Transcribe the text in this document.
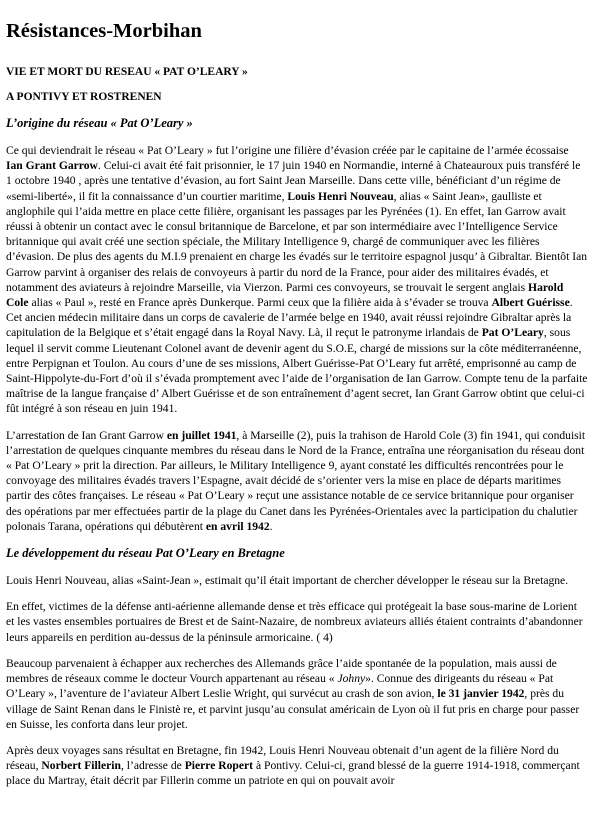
Résistances-Morbihan
VIE ET MORT DU RESEAU « PAT O’LEARY »
A PONTIVY ET ROSTRENEN
L’origine du réseau « Pat O’Leary »

Ce qui deviendrait le réseau « Pat O’Leary » fut l’origine une filière d’évasion créée par le capitaine de l’armée écossaise Ian Grant Garrow. Celui-ci avait été fait prisonnier, le 17 juin 1940 en Normandie, interné à Chateauroux puis transféré le 1 octobre 1940 , après une tentative d’évasion, au fort Saint Jean Marseille. Dans cette ville, bénéficiant d’un régime de «semi-liberté», il fit la connaissance d’un courtier maritime, Louis Henri Nouveau, alias « Saint Jean», gaulliste et anglophile qui l’aida mettre en place cette filière, organisant les passages par les Pyrénées (1). En effet, Ian Garrow avait réussi à obtenir un contact avec le consul britannique de Barcelone, et par son intermédiaire avec l’Intelligence Service britannique qui avait créé une section spéciale, the Military Intelligence 9, chargé de communiquer avec les filières d’évasion. De plus des agents du M.I.9 prenaient en charge les évadés sur le territoire espagnol jusqu’ à Gibraltar. Bientôt Ian Garrow parvint à organiser des relais de convoyeurs à partir du nord de la France, pour aider des militaires évadés, et notamment des aviateurs à rejoindre Marseille, via Vierzon. Parmi ces convoyeurs, se trouvait le sergent anglais Harold Cole alias « Paul », resté en France après Dunkerque. Parmi ceux que la filière aida à s’évader se trouva Albert Guérisse. Cet ancien médecin militaire dans un corps de cavalerie de l’armée belge en 1940, avait réussi rejoindre Gibraltar après la capitulation de la Belgique et s’était engagé dans la Royal Navy. Là, il reçut le patronyme irlandais de Pat O’Leary, sous lequel il servit comme Lieutenant Colonel avant de devenir agent du S.O.E, chargé de missions sur la côte méditerranéenne, entre Perpignan et Toulon. Au cours d’une de ses missions, Albert Guérisse-Pat O’Leary fut arrêté, emprisonné au camp de Saint-Hippolyte-du-Fort d’où il s’évada promptement avec l’aide de l’organisation de Ian Garrow. Compte tenu de la parfaite maîtrise de la langue française d’ Albert Guérisse et de son entraînement d’agent secret, Ian Grant Garrow obtint que celui-ci fût intégré à son réseau en juin 1941.

L’arrestation de Ian Grant Garrow en juillet 1941, à Marseille (2), puis la trahison de Harold Cole (3) fin 1941, qui conduisit l’arrestation de quelques cinquante membres du réseau dans le Nord de la France, entraîna une réorganisation du réseau dont « Pat O’Leary » prit la direction. Par ailleurs, le Military Intelligence 9, ayant constaté les difficultés rencontrées pour le convoyage des militaires évadés travers l’Espagne, avait décidé de s’orienter vers la mise en place de départs maritimes partir des côtes françaises. Le réseau « Pat O’Leary » reçut une assistance notable de ce service britannique pour organiser des opérations par mer effectuées partir de la plage du Canet dans les Pyrénées-Orientales avec la participation du chalutier polonais Tarana, opérations qui débutèrent en avril 1942.

Le développement du réseau Pat O’Leary en Bretagne

Louis Henri Nouveau, alias «Saint-Jean », estimait qu’il était important de chercher développer le réseau sur la Bretagne.

En effet, victimes de la défense anti-aérienne allemande dense et très efficace qui protégeait la base sous-marine de Lorient et les vastes ensembles portuaires de Brest et de Saint-Nazaire, de nombreux aviateurs alliés étaient contraints d’abandonner leurs appareils en perdition au-dessus de la péninsule armoricaine. ( 4)

Beaucoup parvenaient à échapper aux recherches des Allemands grâce l’aide spontanée de la population, mais aussi de membres de réseaux comme le docteur Vourch appartenant au réseau « Johny». Connue des dirigeants du réseau « Pat O’Leary », l’aventure de l’aviateur Albert Leslie Wright, qui survécut au crash de son avion, le 31 janvier 1942, près du village de Saint Renan dans le Finistè re, et parvint jusqu’au consulat américain de Lyon où il fut pris en charge pour passer en Suisse, les conforta dans leur projet.

Après deux voyages sans résultat en Bretagne, fin 1942, Louis Henri Nouveau obtenait d’un agent de la filière Nord du réseau, Norbert Fillerin, l’adresse de Pierre Ropert à Pontivy. Celui-ci, grand blessé de la guerre 1914-1918, commerçant place du Martray, était décrit par Fillerin comme un patriote en qui on pouvait avoir
